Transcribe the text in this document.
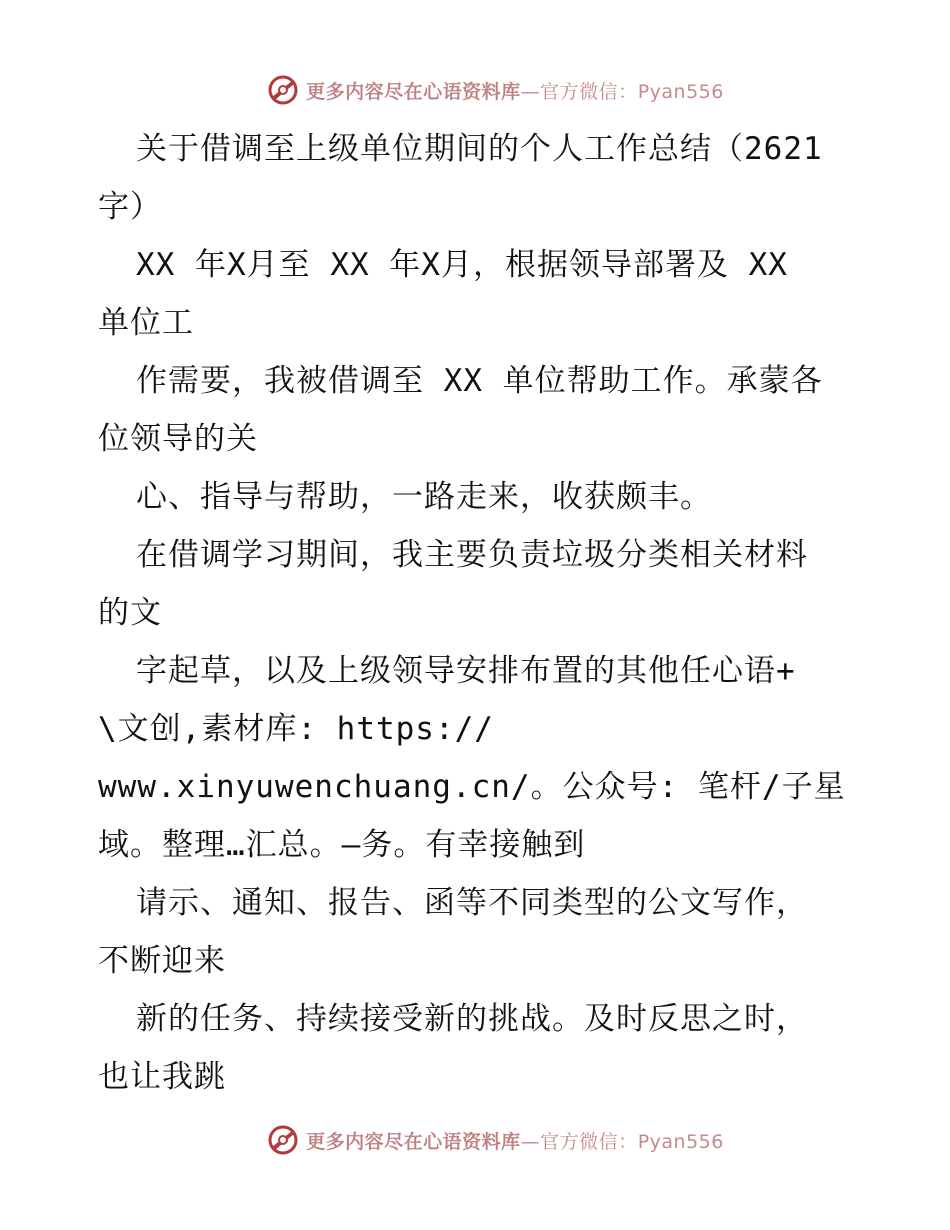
更多内容尽在心语资料库—官方微信：Pyan556
关于借调至上级单位期间的个人工作总结（2621
字）
XX 年X月至 XX 年X月，根据领导部署及 XX
单位工
作需要，我被借调至 XX 单位帮助工作。承蒙各
位领导的关
心、指导与帮助，一路走来，收获颇丰。
在借调学习期间，我主要负责垃圾分类相关材料
的文
字起草，以及上级领导安排布置的其他任心语+
\文创,素材库: https://
www.xinyuwenchuang.cn/。公众号: 笔杆/子星
域。整理…汇总。—务。有幸接触到
请示、通知、报告、函等不同类型的公文写作，
不断迎来
新的任务、持续接受新的挑战。及时反思之时，
也让我跳
更多内容尽在心语资料库—官方微信：Pyan556
